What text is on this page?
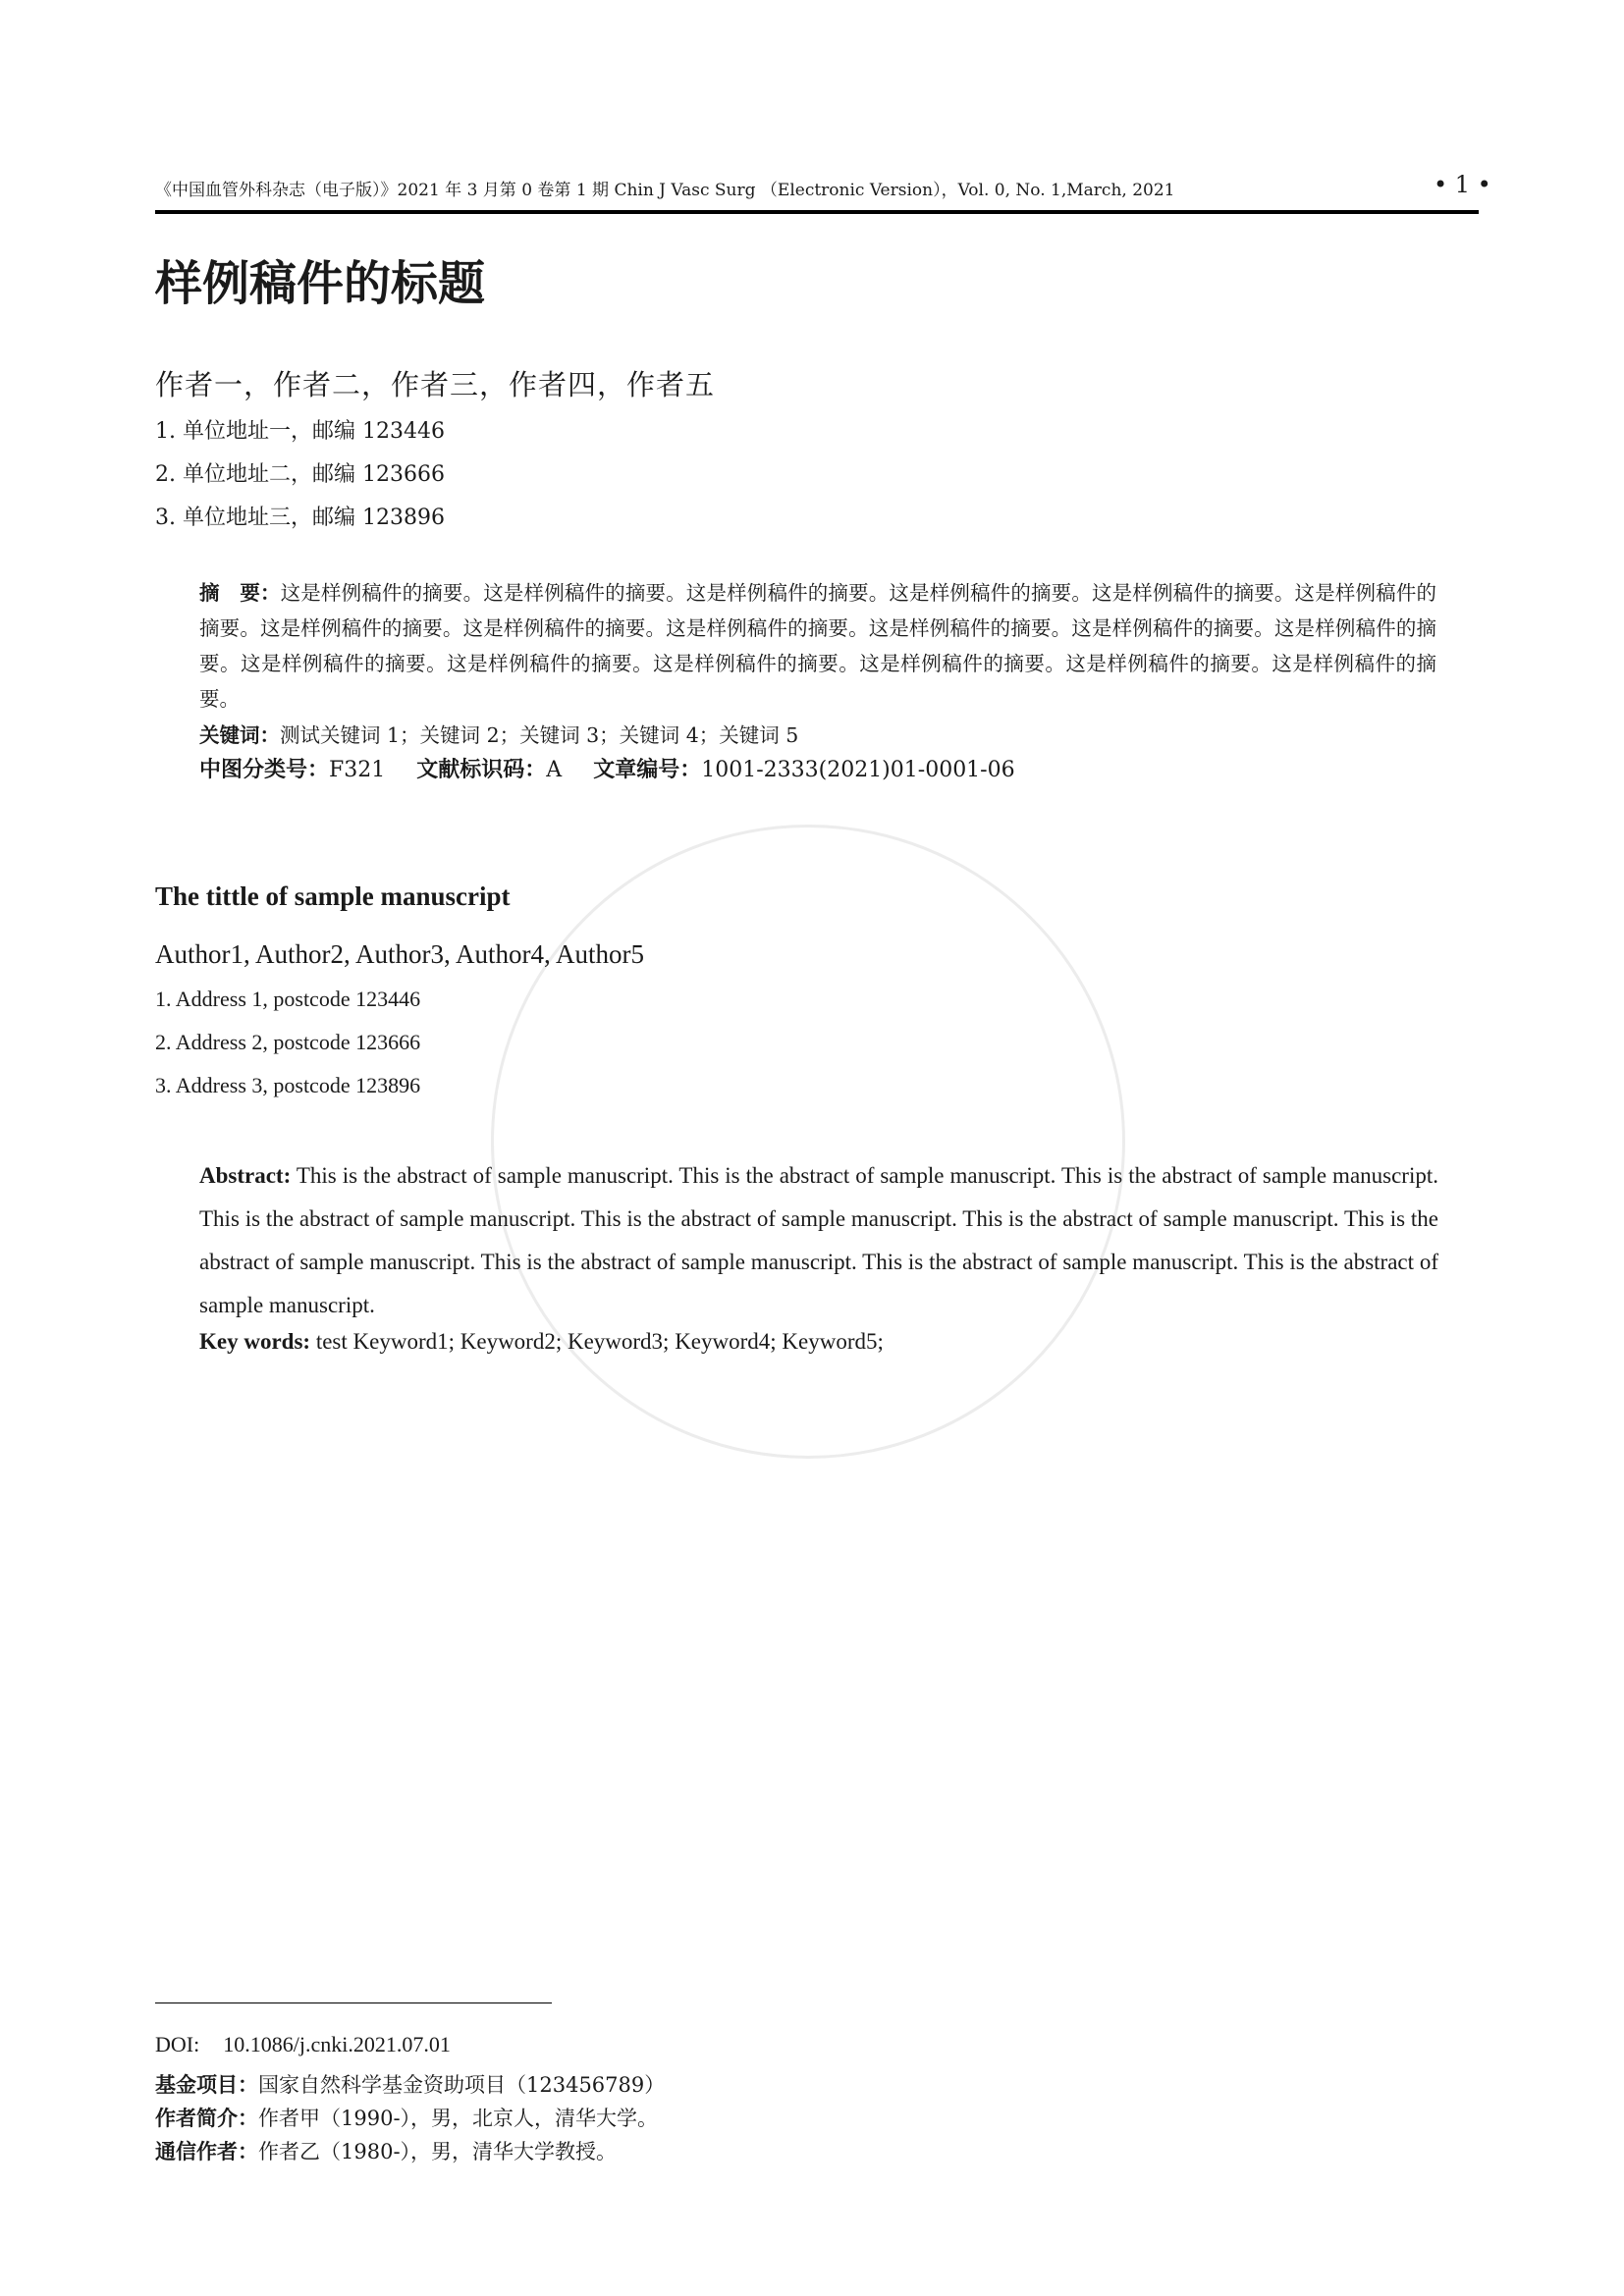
《中国血管外科杂志（电子版）》2021 年 3 月第 0 卷第 1 期 Chin J Vasc Surg （Electronic Version），Vol. 0, No. 1,March, 2021	• 1 •
样例稿件的标题
作者一，作者二，作者三，作者四，作者五
1. 单位地址一，邮编 123446
2. 单位地址二，邮编 123666
3. 单位地址三，邮编 123896
摘　要：这是样例稿件的摘要。这是样例稿件的摘要。这是样例稿件的摘要。这是样例稿件的摘要。这是样例稿件的摘要。这是样例稿件的摘要。这是样例稿件的摘要。这是样例稿件的摘要。这是样例稿件的摘要。这是样例稿件的摘要。这是样例稿件的摘要。这是样例稿件的摘要。这是样例稿件的摘要。这是样例稿件的摘要。这是样例稿件的摘要。这是样例稿件的摘要。这是样例稿件的摘要。这是样例稿件的摘要。
关键词：测试关键词 1；关键词 2；关键词 3；关键词 4；关键词 5
中图分类号：F321 文献标识码：A 文章编号：1001-2333(2021)01-0001-06
The tittle of sample manuscript
Author1, Author2, Author3, Author4, Author5
1. Address 1, postcode 123446
2. Address 2, postcode 123666
3. Address 3, postcode 123896
Abstract: This is the abstract of sample manuscript. This is the abstract of sample manuscript. This is the abstract of sample manuscript. This is the abstract of sample manuscript. This is the abstract of sample manuscript. This is the abstract of sample manuscript. This is the abstract of sample manuscript. This is the abstract of sample manuscript. This is the abstract of sample manuscript. This is the abstract of sample manuscript.
Key words: test Keyword1; Keyword2; Keyword3; Keyword4; Keyword5;
DOI: 10.1086/j.cnki.2021.07.01
基金项目：国家自然科学基金资助项目（123456789）
作者简介：作者甲（1990-），男，北京人，清华大学。
通信作者：作者乙（1980-），男，清华大学教授。
